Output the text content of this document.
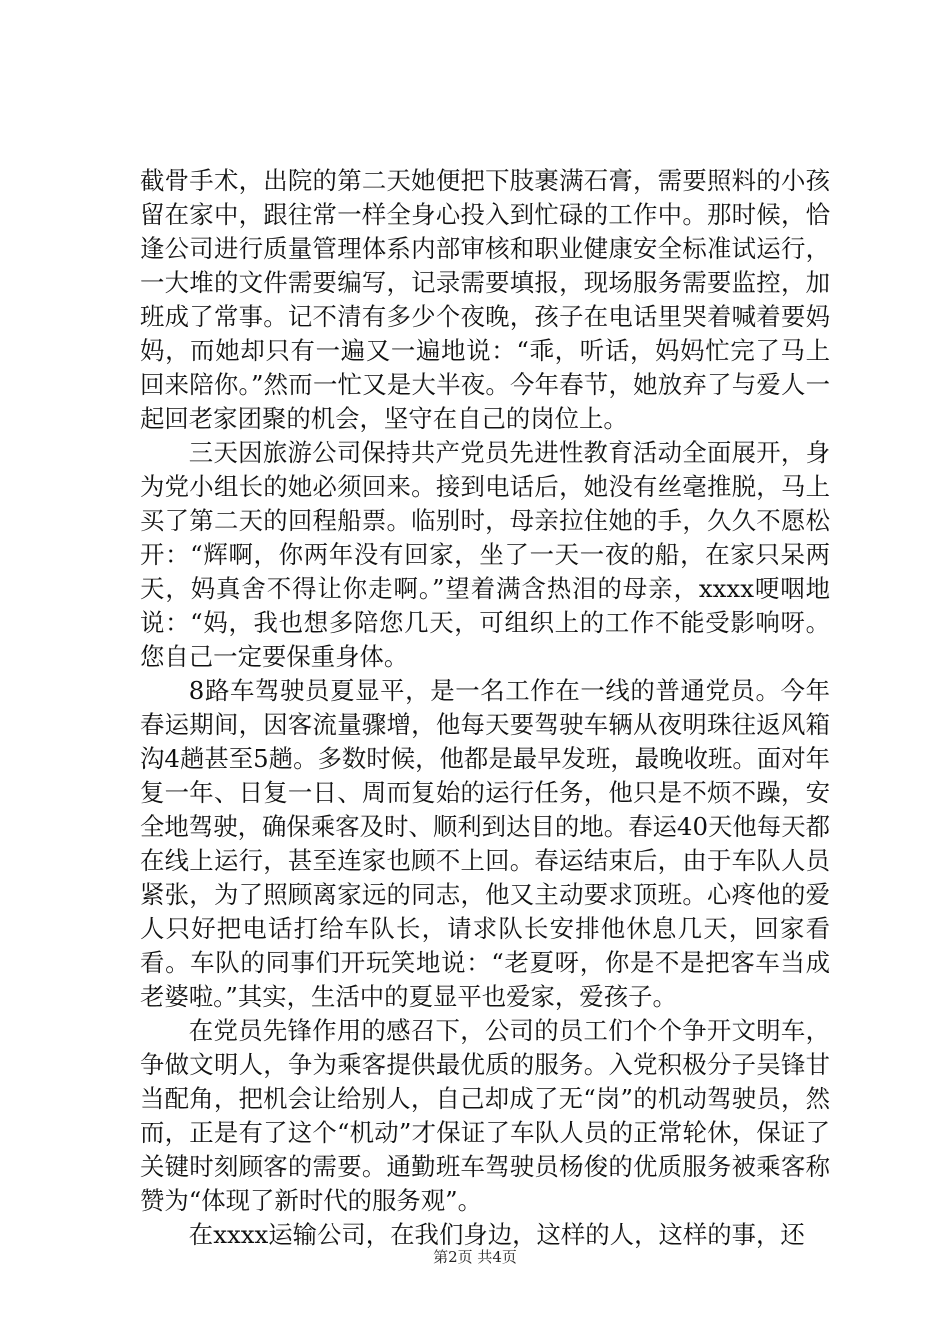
截骨手术，出院的第二天她便把下肢裹满石膏，需要照料的小孩留在家中，跟往常一样全身心投入到忙碌的工作中。那时候，恰逢公司进行质量管理体系内部审核和职业健康安全标准试运行，一大堆的文件需要编写，记录需要填报，现场服务需要监控，加班成了常事。记不清有多少个夜晚，孩子在电话里哭着喊着要妈妈，而她却只有一遍又一遍地说：“乖，听话，妈妈忙完了马上回来陪你。”然而一忙又是大半夜。今年春节，她放弃了与爱人一起回老家团聚的机会，坚守在自己的岗位上。

三天因旅游公司保持共产党员先进性教育活动全面展开，身为党小组长的她必须回来。接到电话后，她没有丝毫推脱，马上买了第二天的回程船票。临别时，母亲拉住她的手，久久不愿松开：“辉啊，你两年没有回家，坐了一天一夜的船，在家只呆两天，妈真舍不得让你走啊。”望着满含热泪的母亲，xxxx哽咽地说：“妈，我也想多陪您几天，可组织上的工作不能受影响呀。您自己一定要保重身体。

8路车驾驶员夏显平，是一名工作在一线的普通党员。今年春运期间，因客流量骤增，他每天要驾驶车辆从夜明珠往返风箱沟4趟甚至5趟。多数时候，他都是最早发班，最晚收班。面对年复一年、日复一日、周而复始的运行任务，他只是不烦不躁，安全地驾驶，确保乘客及时、顺利到达目的地。春运40天他每天都在线上运行，甚至连家也顾不上回。春运结束后，由于车队人员紧张，为了照顾离家远的同志，他又主动要求顶班。心疼他的爱人只好把电话打给车队长，请求队长安排他休息几天，回家看看。车队的同事们开玩笑地说：“老夏呀，你是不是把客车当成老婆啦。”其实，生活中的夏显平也爱家，爱孩子。

在党员先锋作用的感召下，公司的员工们个个争开文明车，争做文明人，争为乘客提供最优质的服务。入党积极分子吴锋甘当配角，把机会让给别人，自己却成了无“岗”的机动驾驶员，然而，正是有了这个“机动”才保证了车队人员的正常轮休，保证了关键时刻顾客的需要。通勤班车驾驶员杨俊的优质服务被乘客称赞为“体现了新时代的服务观”。

在xxxx运输公司，在我们身边，这样的人，这样的事，还

第2页 共4页
